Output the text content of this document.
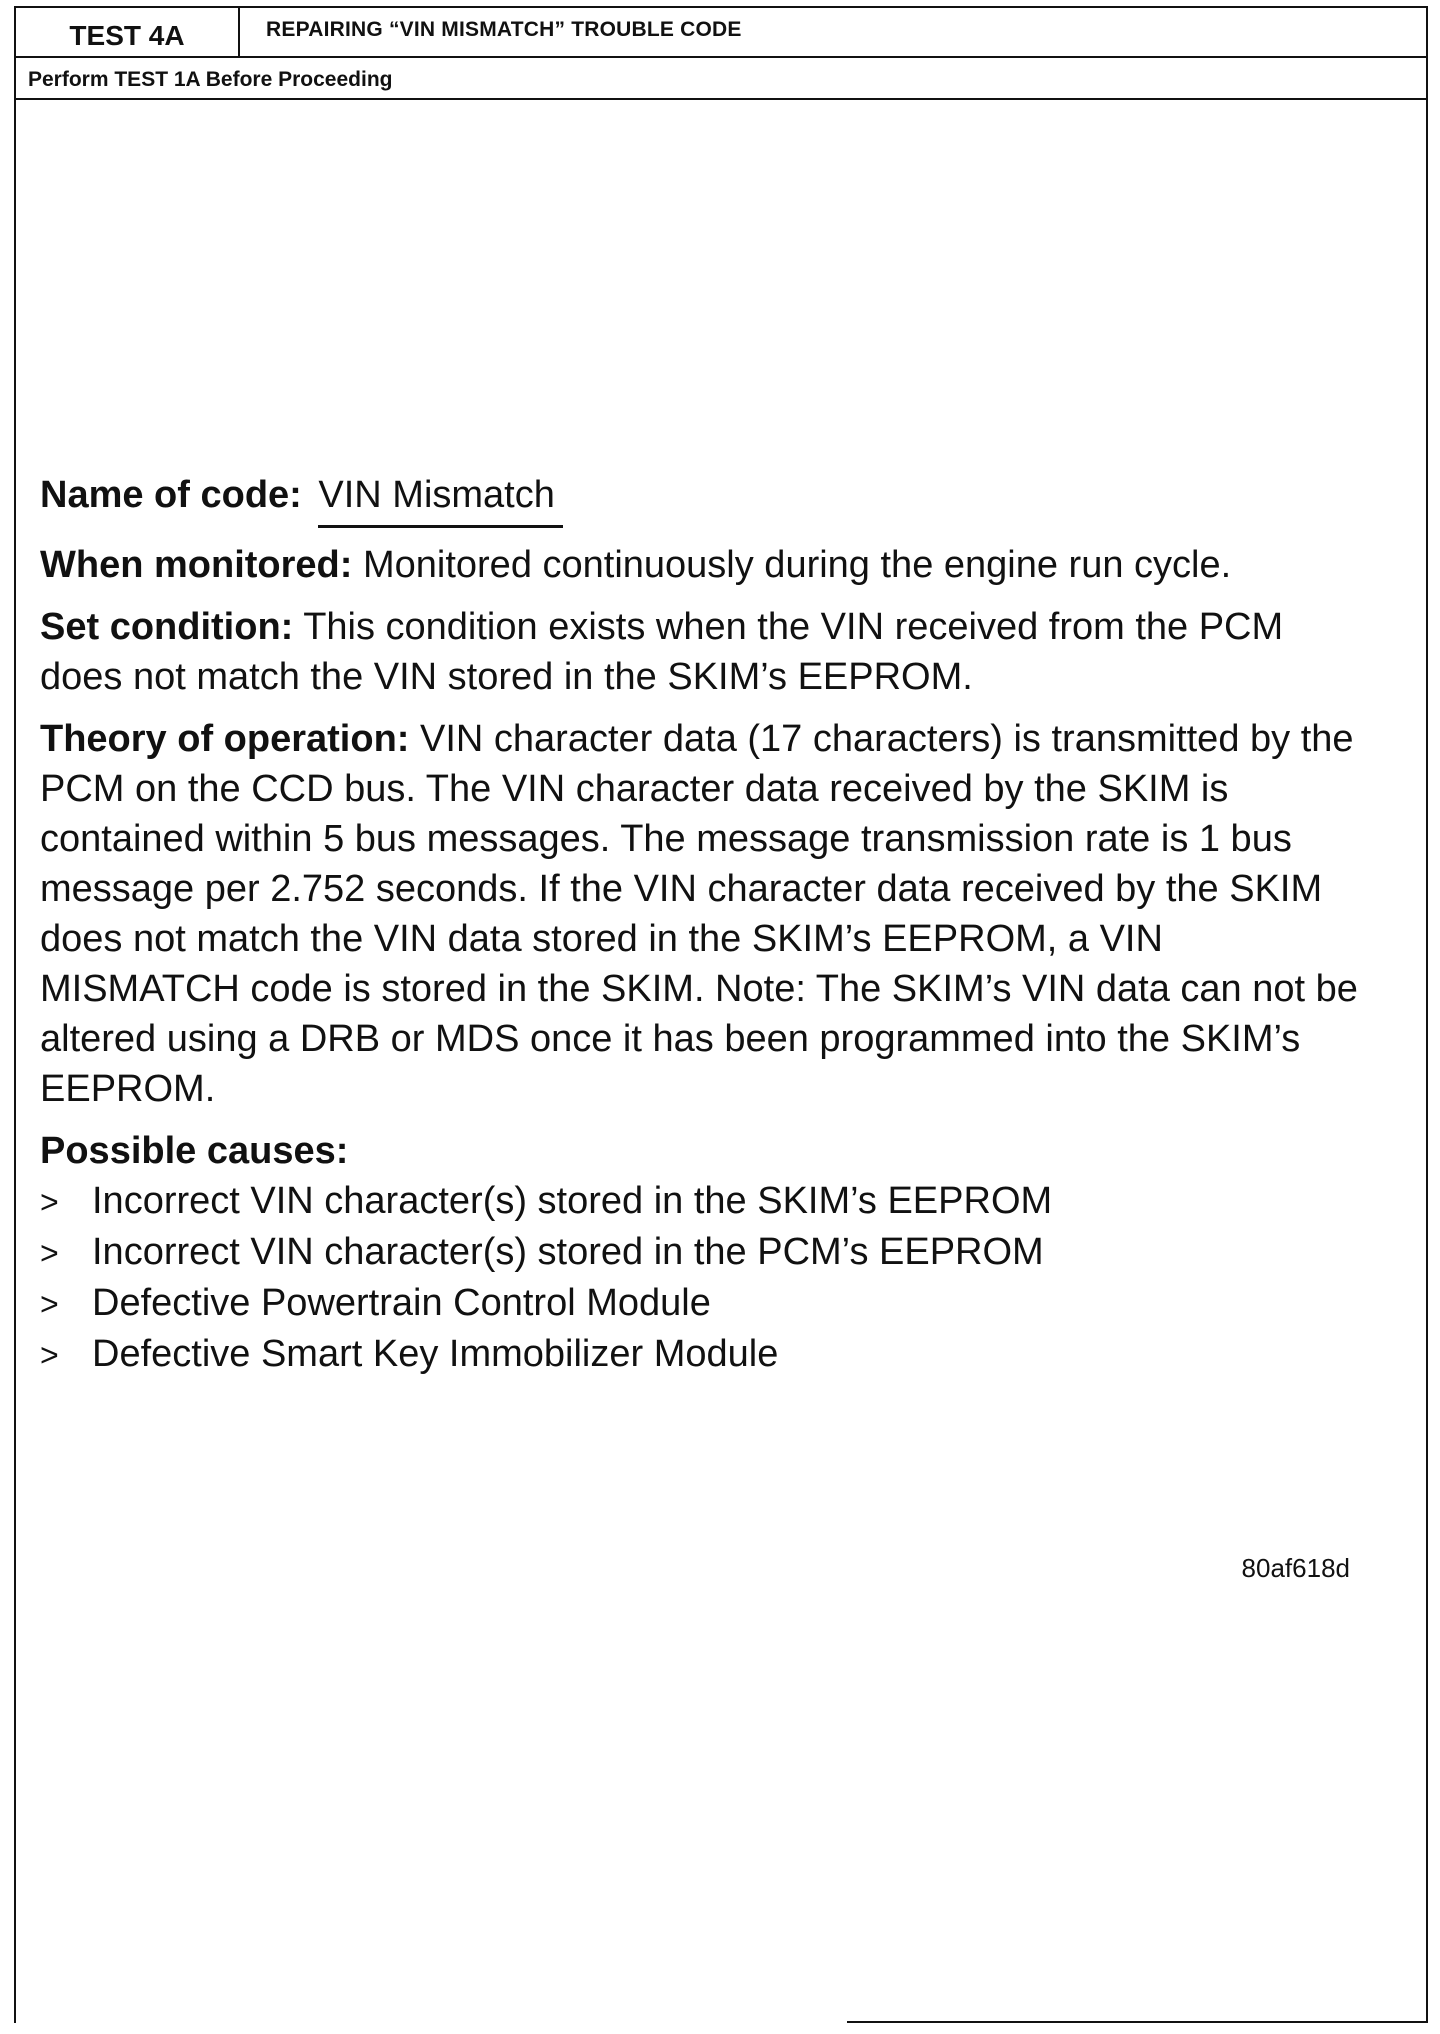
TEST 4A	REPAIRING “VIN MISMATCH” TROUBLE CODE
Perform TEST 1A Before Proceeding

Name of code: VIN Mismatch

When monitored: Monitored continuously during the engine run cycle.

Set condition: This condition exists when the VIN received from the PCM does not match the VIN stored in the SKIM’s EEPROM.

Theory of operation: VIN character data (17 characters) is transmitted by the PCM on the CCD bus. The VIN character data received by the SKIM is contained within 5 bus messages. The message transmission rate is 1 bus message per 2.752 seconds. If the VIN character data received by the SKIM does not match the VIN data stored in the SKIM’s EEPROM, a VIN MISMATCH code is stored in the SKIM. Note: The SKIM’s VIN data can not be altered using a DRB or MDS once it has been programmed into the SKIM’s EEPROM.

Possible causes:

> Incorrect VIN character(s) stored in the SKIM’s EEPROM
> Incorrect VIN character(s) stored in the PCM’s EEPROM
> Defective Powertrain Control Module
> Defective Smart Key Immobilizer Module
80af618d
